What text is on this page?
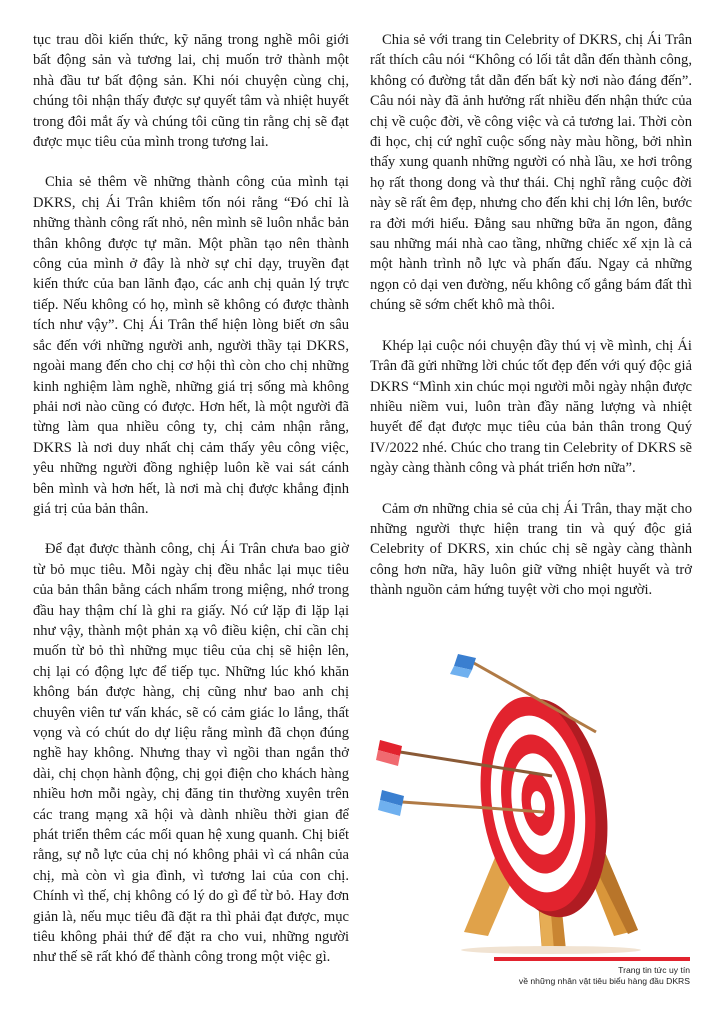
tục trau dồi kiến thức, kỹ năng trong nghề môi giới bất động sản và tương lai, chị muốn trở thành một nhà đầu tư bất động sản. Khi nói chuyện cùng chị, chúng tôi nhận thấy được sự quyết tâm và nhiệt huyết trong đôi mắt ấy và chúng tôi cũng tin rằng chị sẽ đạt được mục tiêu của mình trong tương lai.

Chia sẻ thêm về những thành công của mình tại DKRS, chị Ái Trân khiêm tốn nói rằng “Đó chỉ là những thành công rất nhỏ, nên mình sẽ luôn nhắc bản thân không được tự mãn. Một phần tạo nên thành công của mình ở đây là nhờ sự chỉ dạy, truyền đạt kiến thức của ban lãnh đạo, các anh chị quản lý trực tiếp. Nếu không có họ, mình sẽ không có được thành tích như vậy”. Chị Ái Trân thể hiện lòng biết ơn sâu sắc đến với những người anh, người thầy tại DKRS, ngoài mang đến cho chị cơ hội thì còn cho chị những kinh nghiệm làm nghề, những giá trị sống mà không phải nơi nào cũng có được. Hơn hết, là một người đã từng làm qua nhiều công ty, chị cảm nhận rằng, DKRS là nơi duy nhất chị cảm thấy yêu công việc, yêu những người đồng nghiệp luôn kề vai sát cánh bên mình và hơn hết, là nơi mà chị được khẳng định giá trị của bản thân.

Để đạt được thành công, chị Ái Trân chưa bao giờ từ bỏ mục tiêu. Mỗi ngày chị đều nhắc lại mục tiêu của bản thân bằng cách nhẩm trong miệng, nhớ trong đầu hay thậm chí là ghi ra giấy. Nó cứ lặp đi lặp lại như vậy, thành một phản xạ vô điều kiện, chỉ cần chị muốn từ bỏ thì những mục tiêu của chị sẽ hiện lên, chị lại có động lực để tiếp tục. Những lúc khó khăn không bán được hàng, chị cũng như bao anh chị chuyên viên tư vấn khác, sẽ có cảm giác lo lắng, thất vọng và có chút do dự liệu rằng mình đã chọn đúng nghề hay không. Nhưng thay vì ngồi than ngắn thở dài, chị chọn hành động, chị gọi điện cho khách hàng nhiều hơn mỗi ngày, chị đăng tin thường xuyên trên các trang mạng xã hội và dành nhiều thời gian để phát triển thêm các mối quan hệ xung quanh. Chị biết rằng, sự nỗ lực của chị nó không phải vì cá nhân của chị, mà còn vì gia đình, vì tương lai của con chị. Chính vì thế, chị không có lý do gì để từ bỏ. Hay đơn giản là, nếu mục tiêu đã đặt ra thì phải đạt được, mục tiêu không phải thứ để đặt ra cho vui, những người như thế sẽ rất khó để thành công trong một việc gì.

Chia sẻ với trang tin Celebrity of DKRS, chị Ái Trân rất thích câu nói “Không có lối tắt dẫn đến thành công, không có đường tắt dẫn đến bất kỳ nơi nào đáng đến”. Câu nói này đã ảnh hưởng rất nhiều đến nhận thức của chị về cuộc đời, về công việc và cả tương lai. Thời còn đi học, chị cứ nghĩ cuộc sống này màu hồng, bởi nhìn thấy xung quanh những người có nhà lầu, xe hơi trông họ rất thong dong và thư thái. Chị nghĩ rằng cuộc đời này sẽ rất êm đẹp, nhưng cho đến khi chị lớn lên, bước ra đời mới hiểu. Đằng sau những bữa ăn ngon, đằng sau những mái nhà cao tầng, những chiếc xế xịn là cả một hành trình nỗ lực và phấn đấu. Ngay cả những ngọn cỏ dại ven đường, nếu không cố gắng bám đất thì chúng sẽ sớm chết khô mà thôi.

Khép lại cuộc nói chuyện đầy thú vị về mình, chị Ái Trân đã gửi những lời chúc tốt đẹp đến với quý độc giả DKRS “Mình xin chúc mọi người mỗi ngày nhận được nhiều niềm vui, luôn tràn đầy năng lượng và nhiệt huyết để đạt được mục tiêu của bản thân trong Quý IV/2022 nhé. Chúc cho trang tin Celebrity of DKRS sẽ ngày càng thành công và phát triển hơn nữa”.

Cảm ơn những chia sẻ của chị Ái Trân, thay mặt cho những người thực hiện trang tin và quý độc giả Celebrity of DKRS, xin chúc chị sẽ ngày càng thành công hơn nữa, hãy luôn giữ vững nhiệt huyết và trở thành nguồn cảm hứng tuyệt vời cho mọi người.

Trang tin tức uy tín
về những nhân vật tiêu biểu hàng đầu DKRS
